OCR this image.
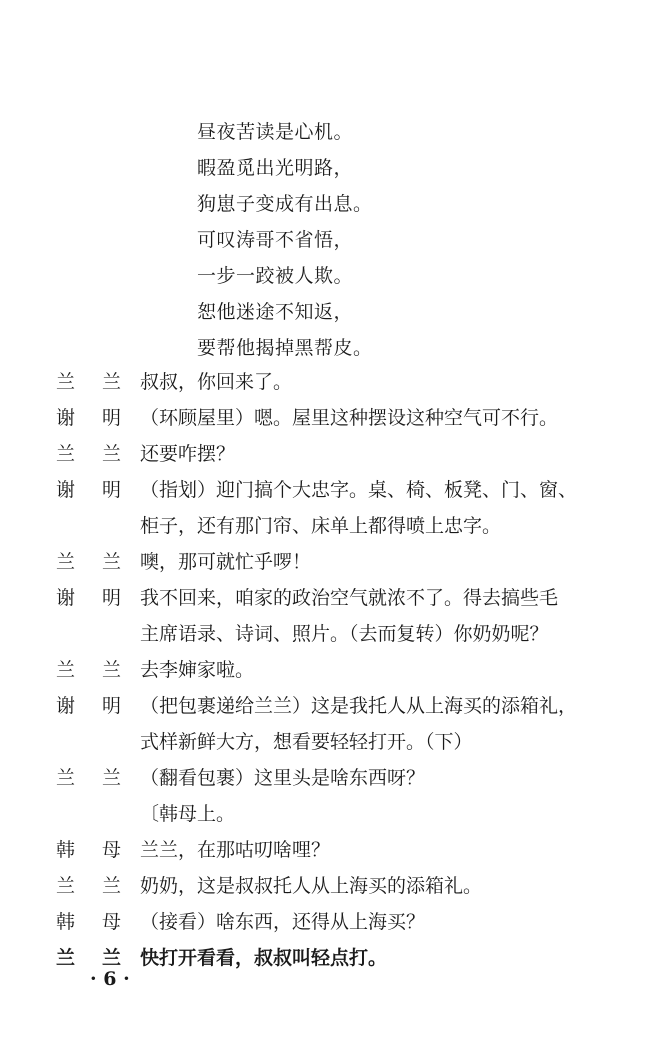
昼夜苦读是心机。
暇盈觅出光明路，
狗崽子变成有出息。
可叹涛哥不省悟，
一步一跤被人欺。
恕他迷途不知返，
要帮他揭掉黑帮皮。
兰 兰 叔叔，你回来了。
谢 明 （环顾屋里）嗯。屋里这种摆设这种空气可不行。
兰 兰 还要咋摆？
谢 明 （指划）迎门搞个大忠字。桌、椅、板凳、门、窗、
柜子，还有那门帘、床单上都得喷上忠字。
兰 兰 噢，那可就忙乎啰！
谢 明 我不回来，咱家的政治空气就浓不了。得去搞些毛
主席语录、诗词、照片。（去而复转）你奶奶呢？
兰 兰 去李婶家啦。
谢 明 （把包裹递给兰兰）这是我托人从上海买的添箱礼，
式样新鲜大方，想看要轻轻打开。（下）
兰 兰 （翻看包裹）这里头是啥东西呀？
〔韩母上。
韩 母 兰兰，在那咕叨啥哩？
兰 兰 奶奶，这是叔叔托人从上海买的添箱礼。
韩 母 （接看）啥东西，还得从上海买？
兰 兰 快打开看看，叔叔叫轻点打。
· 6 ·
